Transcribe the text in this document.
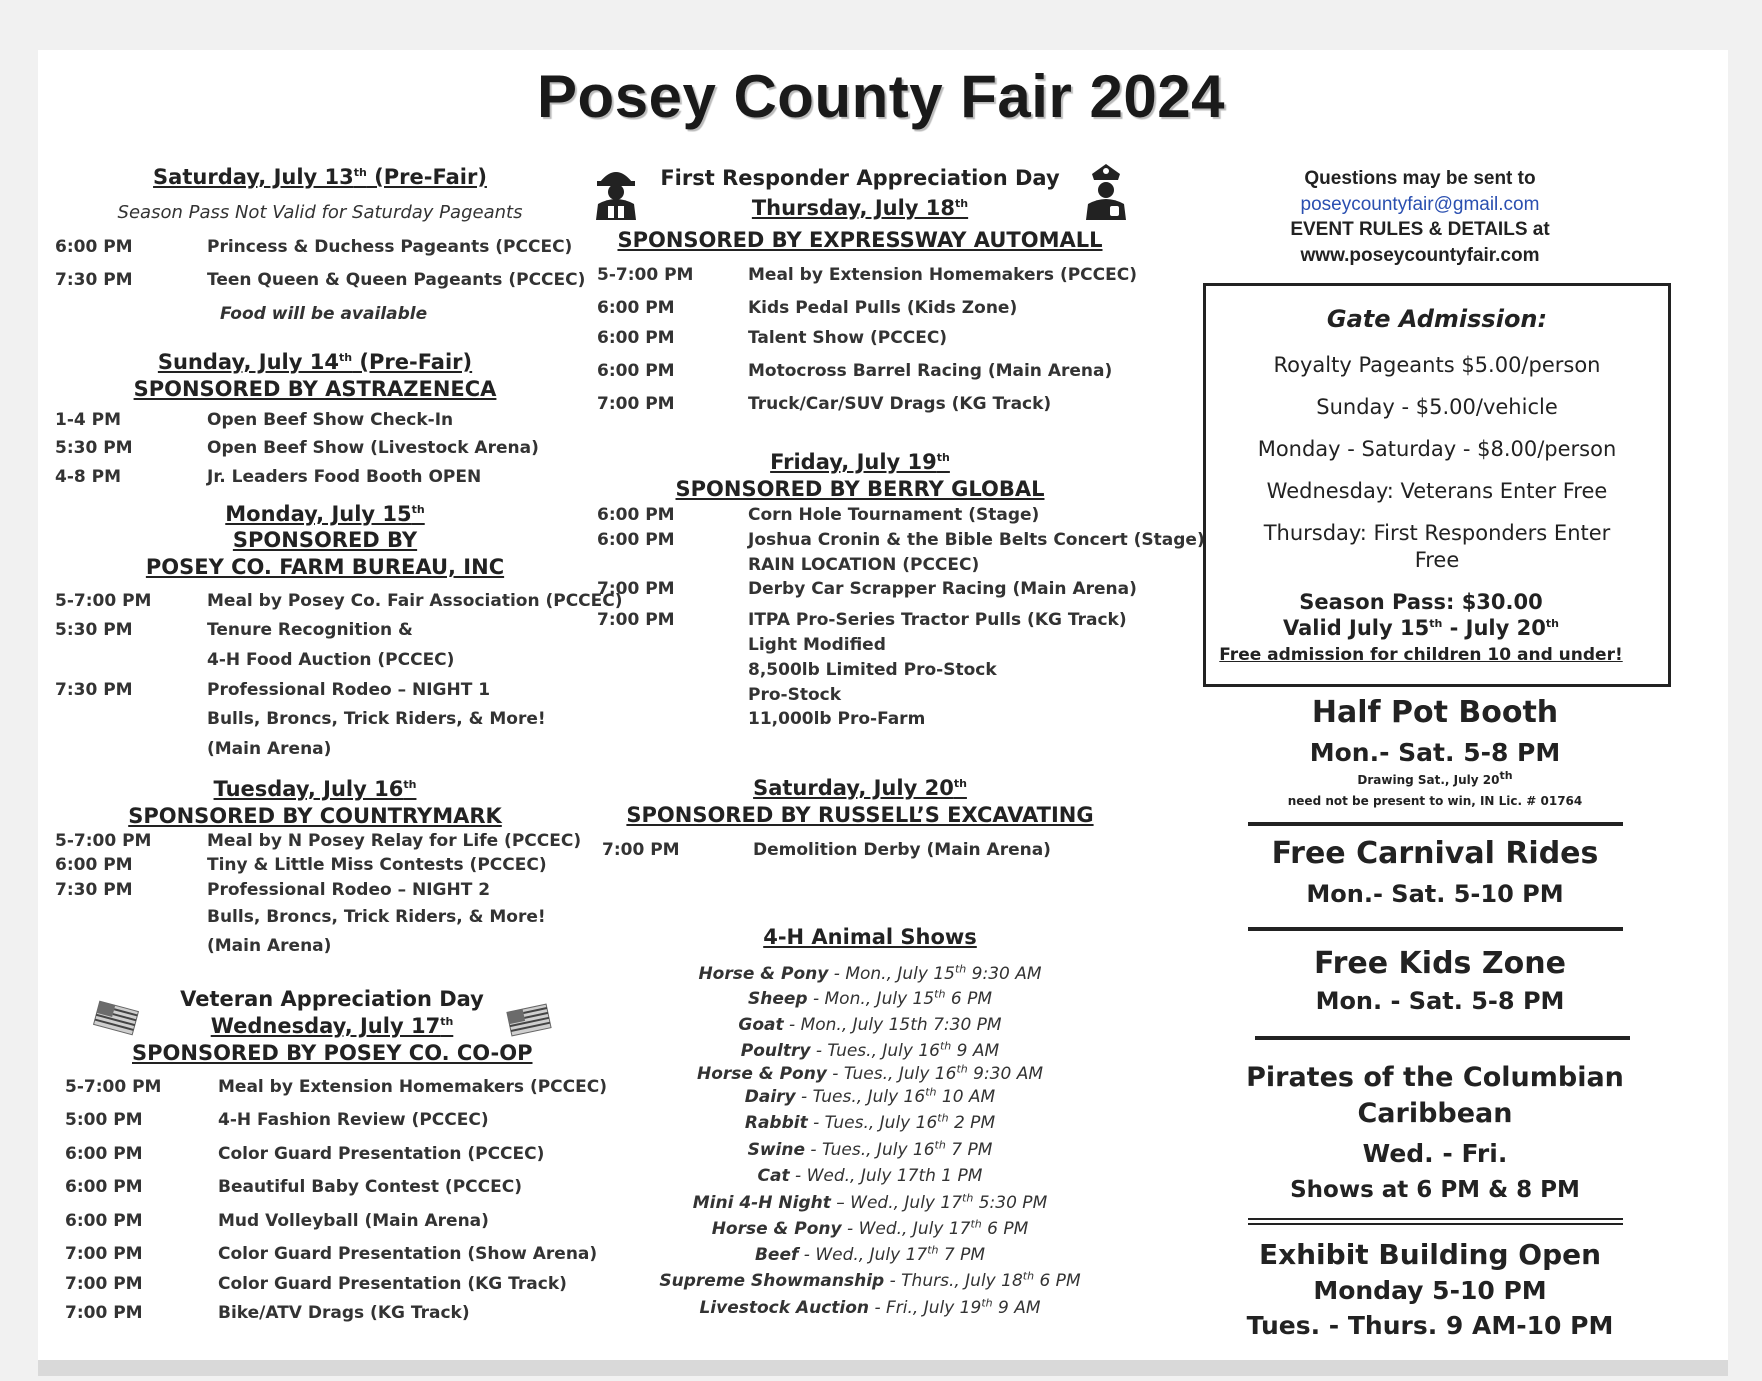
Posey County Fair 2024
Saturday, July 13th (Pre-Fair)
Season Pass Not Valid for Saturday Pageants
6:00 PM	Princess & Duchess Pageants (PCCEC)
7:30 PM	Teen Queen & Queen Pageants (PCCEC)
Food will be available
Sunday, July 14th (Pre-Fair)
SPONSORED BY ASTRAZENECA
1-4 PM	Open Beef Show Check-In
5:30 PM	Open Beef Show (Livestock Arena)
4-8 PM	Jr. Leaders Food Booth OPEN
Monday, July 15th
SPONSORED BY
POSEY CO. FARM BUREAU, INC
5-7:00 PM	Meal by Posey Co. Fair Association (PCCEC)
5:30 PM	Tenure Recognition &
4-H Food Auction (PCCEC)
7:30 PM	Professional Rodeo – NIGHT 1
Bulls, Broncs, Trick Riders, & More!
(Main Arena)
Tuesday, July 16th
SPONSORED BY COUNTRYMARK
5-7:00 PM	Meal by N Posey Relay for Life (PCCEC)
6:00 PM	Tiny & Little Miss Contests (PCCEC)
7:30 PM	Professional Rodeo – NIGHT 2
Bulls, Broncs, Trick Riders, & More!
(Main Arena)
Veteran Appreciation Day
Wednesday, July 17th
SPONSORED BY POSEY CO. CO-OP
5-7:00 PM	Meal by Extension Homemakers (PCCEC)
5:00 PM	4-H Fashion Review (PCCEC)
6:00 PM	Color Guard Presentation (PCCEC)
6:00 PM	Beautiful Baby Contest (PCCEC)
6:00 PM	Mud Volleyball (Main Arena)
7:00 PM	Color Guard Presentation (Show Arena)
7:00 PM	Color Guard Presentation (KG Track)
7:00 PM	Bike/ATV Drags (KG Track)
First Responder Appreciation Day
Thursday, July 18th
SPONSORED BY EXPRESSWAY AUTOMALL
5-7:00 PM	Meal by Extension Homemakers (PCCEC)
6:00 PM	Kids Pedal Pulls (Kids Zone)
6:00 PM	Talent Show (PCCEC)
6:00 PM	Motocross Barrel Racing (Main Arena)
7:00 PM	Truck/Car/SUV Drags (KG Track)
Friday, July 19th
SPONSORED BY BERRY GLOBAL
6:00 PM	Corn Hole Tournament (Stage)
6:00 PM	Joshua Cronin & the Bible Belts Concert (Stage)
RAIN LOCATION (PCCEC)
7:00 PM	Derby Car Scrapper Racing (Main Arena)
7:00 PM	ITPA Pro-Series Tractor Pulls (KG Track)
Light Modified
8,500lb Limited Pro-Stock
Pro-Stock
11,000lb Pro-Farm
Saturday, July 20th
SPONSORED BY RUSSELL’S EXCAVATING
7:00 PM	Demolition Derby (Main Arena)
4-H Animal Shows
Horse & Pony - Mon., July 15th 9:30 AM
Sheep - Mon., July 15th 6 PM
Goat - Mon., July 15th 7:30 PM
Poultry - Tues., July 16th 9 AM
Horse & Pony - Tues., July 16th 9:30 AM
Dairy - Tues., July 16th 10 AM
Rabbit - Tues., July 16th 2 PM
Swine - Tues., July 16th 7 PM
Cat - Wed., July 17th 1 PM
Mini 4-H Night – Wed., July 17th 5:30 PM
Horse & Pony - Wed., July 17th 6 PM
Beef - Wed., July 17th 7 PM
Supreme Showmanship - Thurs., July 18th 6 PM
Livestock Auction - Fri., July 19th 9 AM
Questions may be sent to
poseycountyfair@gmail.com
EVENT RULES & DETAILS at
www.poseycountyfair.com
Gate Admission:
Royalty Pageants $5.00/person
Sunday - $5.00/vehicle
Monday - Saturday - $8.00/person
Wednesday: Veterans Enter Free
Thursday: First Responders Enter
Free
Season Pass: $30.00
Valid July 15th - July 20th
Free admission for children 10 and under!
Half Pot Booth
Mon.- Sat. 5-8 PM
Drawing Sat., July 20th
need not be present to win, IN Lic. # 01764
Free Carnival Rides
Mon.- Sat. 5-10 PM
Free Kids Zone
Mon. - Sat. 5-8 PM
Pirates of the Columbian
Caribbean
Wed. - Fri.
Shows at 6 PM & 8 PM
Exhibit Building Open
Monday 5-10 PM
Tues. - Thurs. 9 AM-10 PM
